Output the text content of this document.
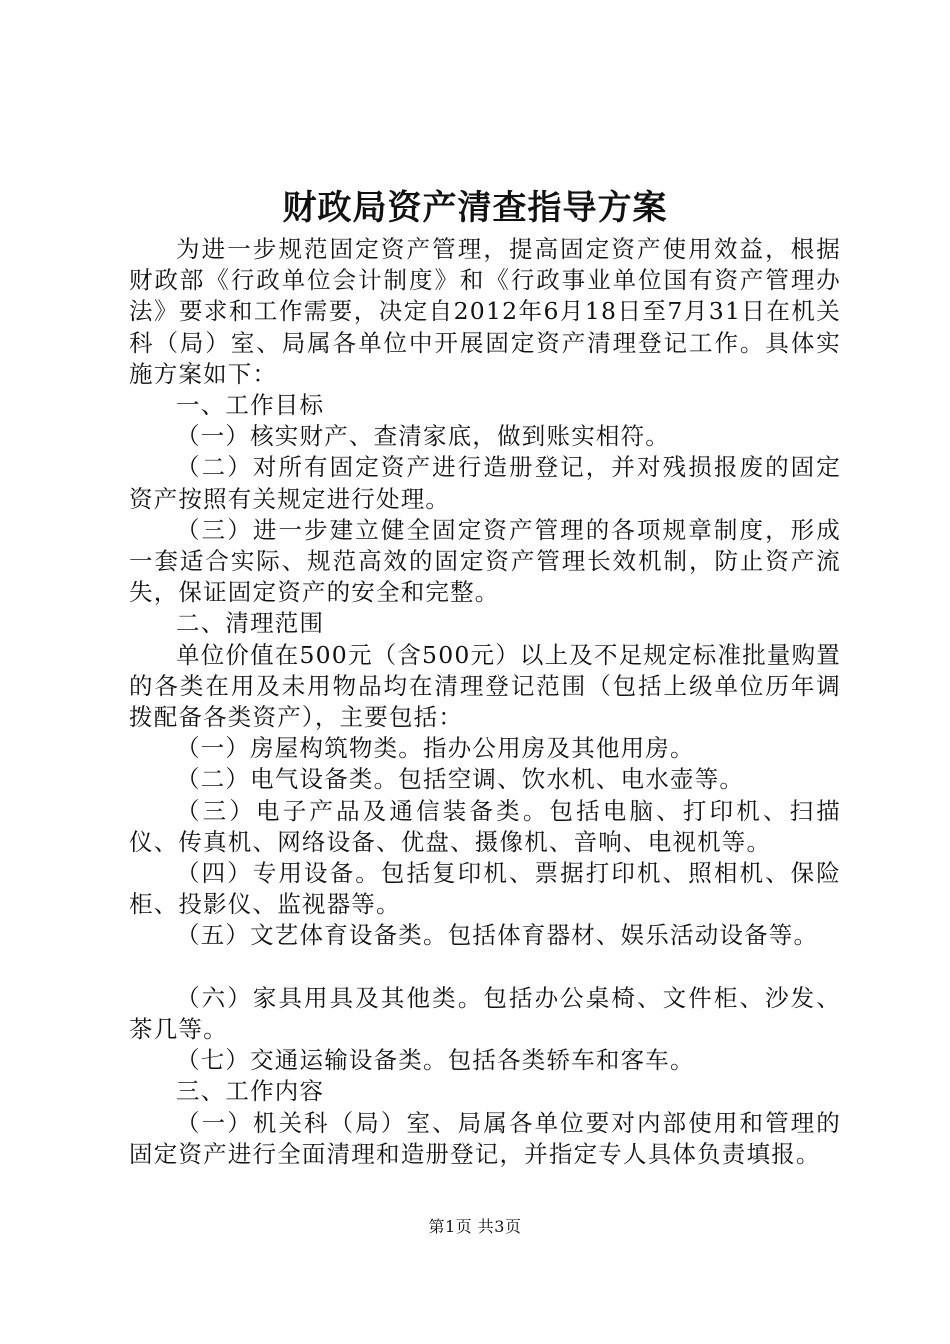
财政局资产清查指导方案

为进一步规范固定资产管理，提高固定资产使用效益，根据财政部《行政单位会计制度》和《行政事业单位国有资产管理办法》要求和工作需要，决定自2012年6月18日至7月31日在机关科（局）室、局属各单位中开展固定资产清理登记工作。具体实施方案如下：

一、工作目标

（一）核实财产、查清家底，做到账实相符。

（二）对所有固定资产进行造册登记，并对残损报废的固定资产按照有关规定进行处理。

（三）进一步建立健全固定资产管理的各项规章制度，形成一套适合实际、规范高效的固定资产管理长效机制，防止资产流失，保证固定资产的安全和完整。

二、清理范围

单位价值在500元（含500元）以上及不足规定标准批量购置的各类在用及未用物品均在清理登记范围（包括上级单位历年调拨配备各类资产），主要包括：

（一）房屋构筑物类。指办公用房及其他用房。

（二）电气设备类。包括空调、饮水机、电水壶等。

（三）电子产品及通信装备类。包括电脑、打印机、扫描仪、传真机、网络设备、优盘、摄像机、音响、电视机等。

（四）专用设备。包括复印机、票据打印机、照相机、保险柜、投影仪、监视器等。

（五）文艺体育设备类。包括体育器材、娱乐活动设备等。

（六）家具用具及其他类。包括办公桌椅、文件柜、沙发、茶几等。

（七）交通运输设备类。包括各类轿车和客车。

三、工作内容

（一）机关科（局）室、局属各单位要对内部使用和管理的固定资产进行全面清理和造册登记，并指定专人具体负责填报。

第1页 共3页
